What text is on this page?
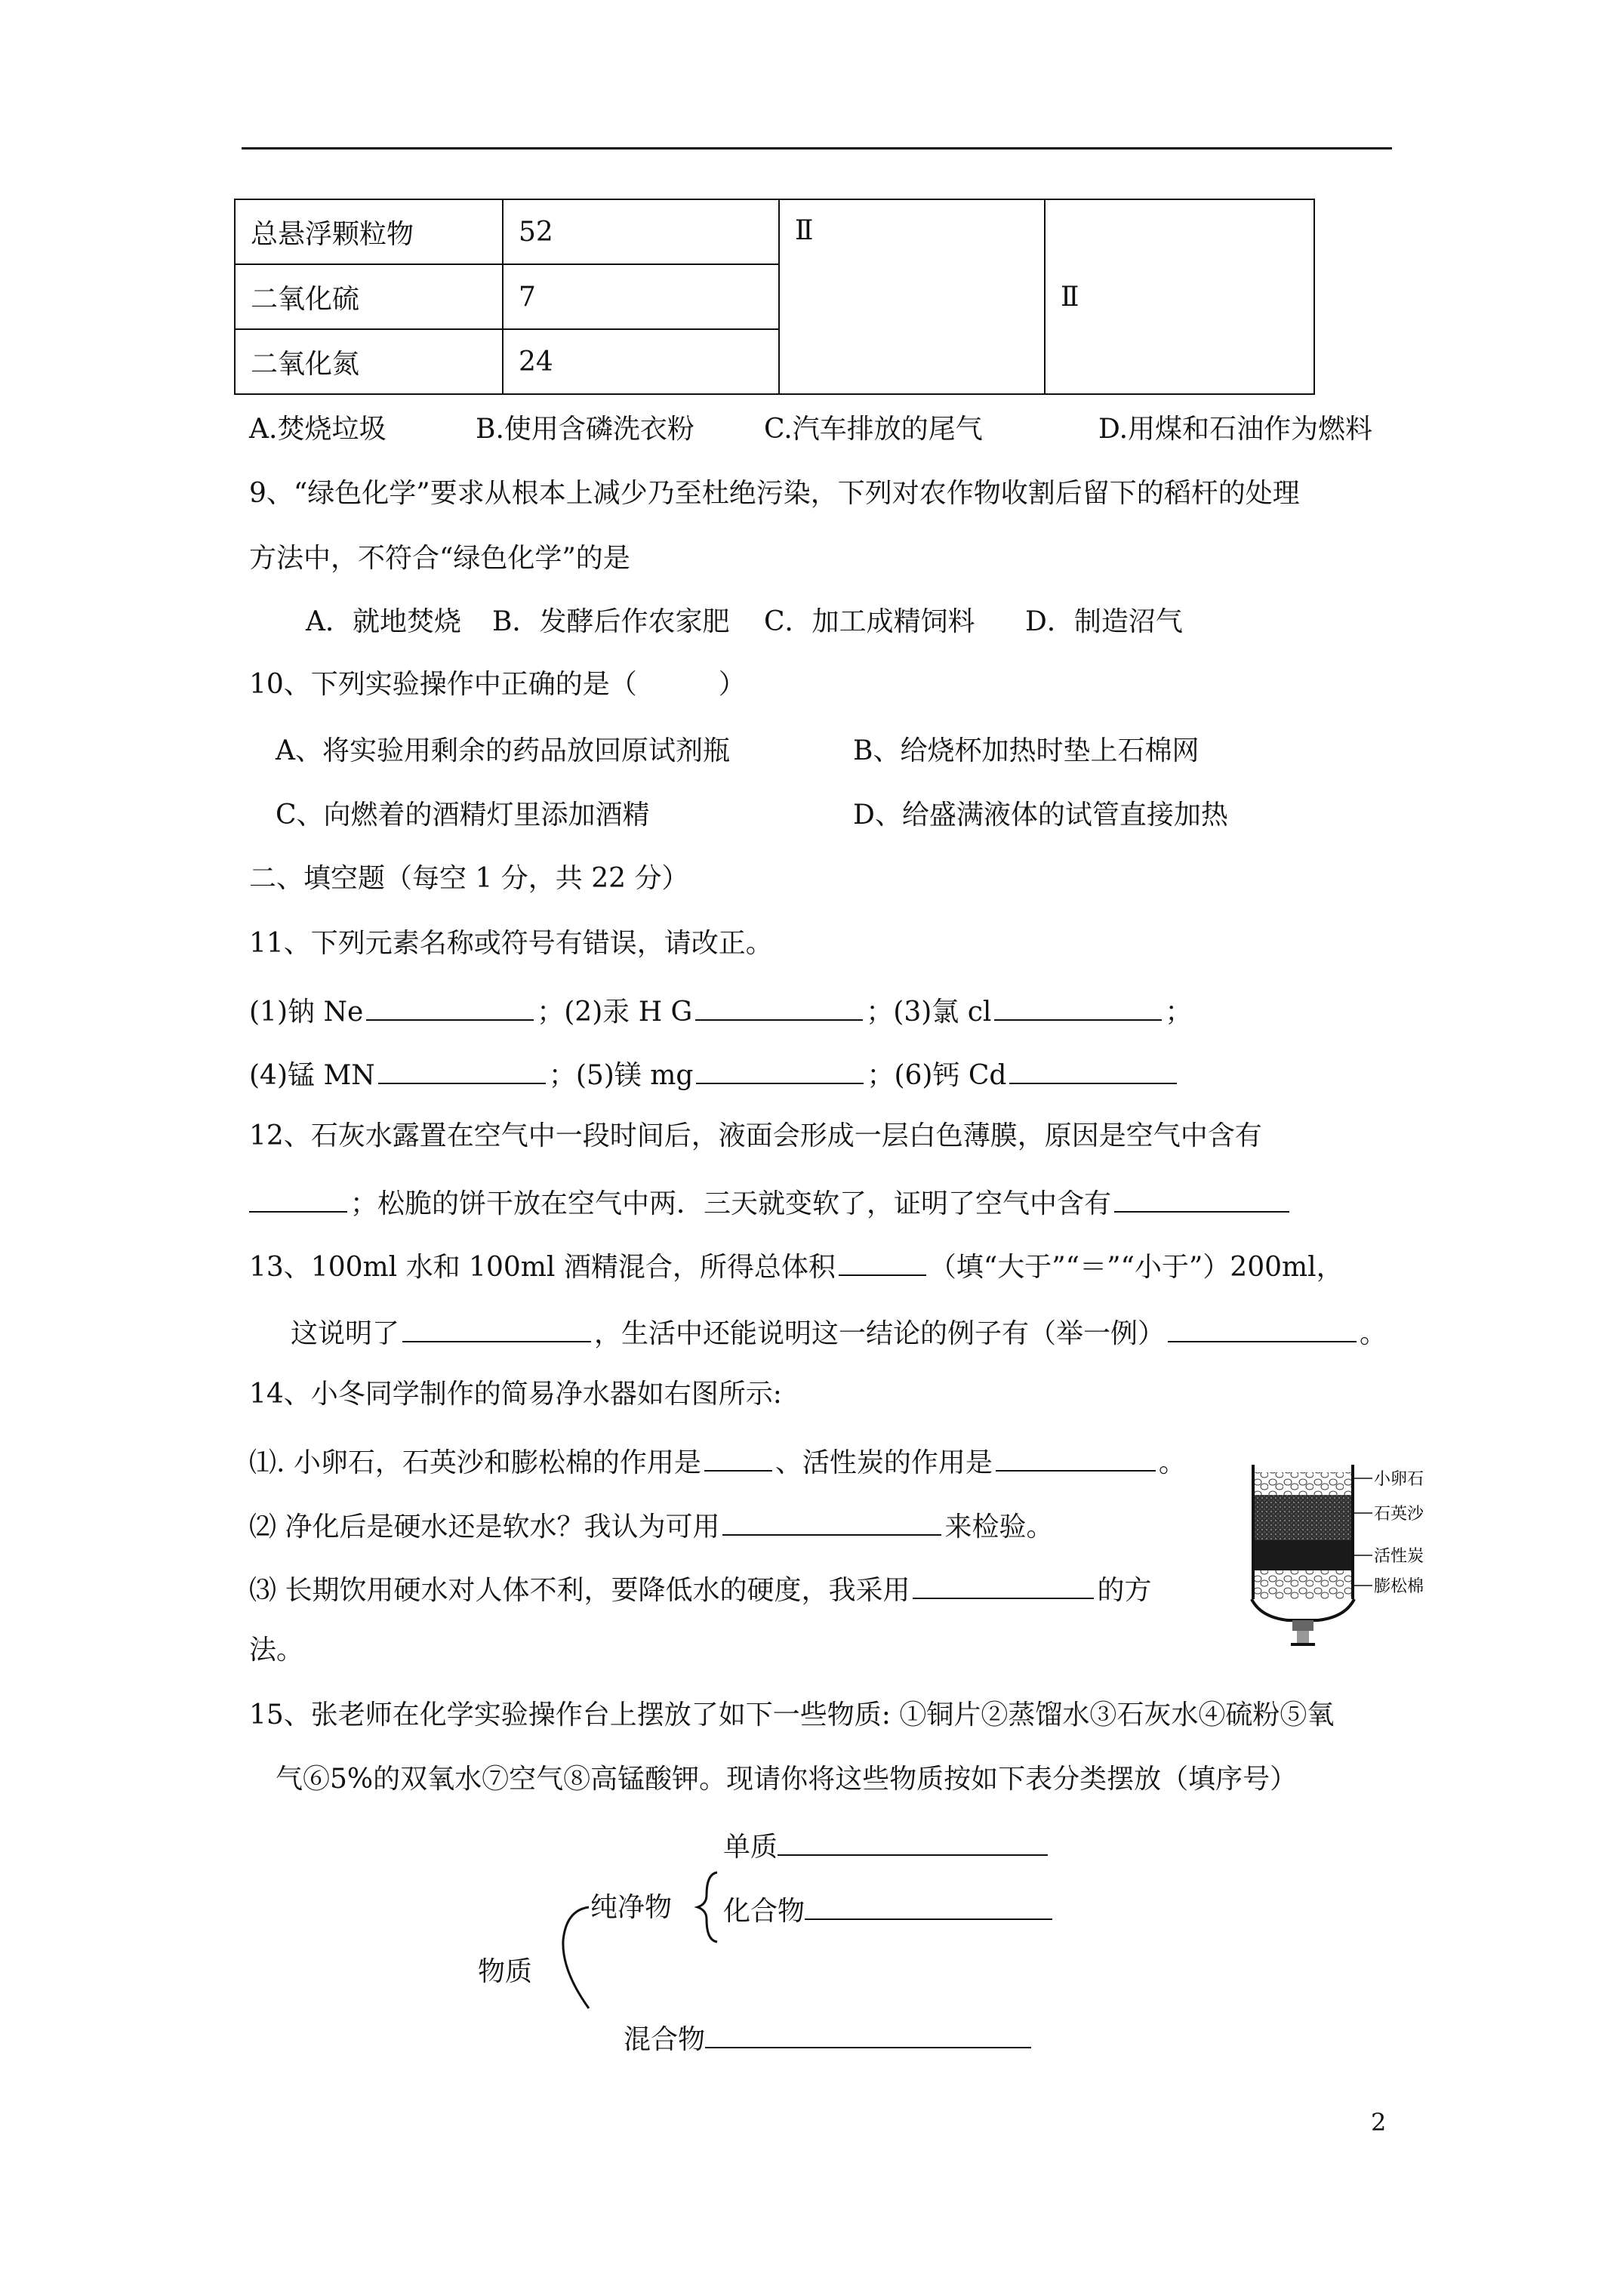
总悬浮颗粒物	52	Ⅱ	Ⅱ
二氧化硫	7		
二氧化氮	24		
A.焚烧垃圾	B.使用含磷洗衣粉	C.汽车排放的尾气	D.用煤和石油作为燃料
9、“绿色化学”要求从根本上减少乃至杜绝污染，下列对农作物收割后留下的稻杆的处理
方法中，不符合“绿色化学”的是
A．就地焚烧 B．发酵后作农家肥 C．加工成精饲料 D．制造沼气
10、下列实验操作中正确的是（　　　）
A、将实验用剩余的药品放回原试剂瓶	B、给烧杯加热时垫上石棉网
C、向燃着的酒精灯里添加酒精	D、给盛满液体的试管直接加热
二、填空题（每空 1 分，共 22 分）
11、下列元素名称或符号有错误，请改正。
(1)钠 Ne	；(2)汞 H G	；(3)氯 cl	；
(4)锰 MN	；(5)镁 mg	；(6)钙 Cd
12、石灰水露置在空气中一段时间后，液面会形成一层白色薄膜，原因是空气中含有
；松脆的饼干放在空气中两．三天就变软了，证明了空气中含有
13、100ml 水和 100ml 酒精混合，所得总体积	（填“大于”“＝”“小于”）200ml，
这说明了	，生活中还能说明这一结论的例子有（举一例）	。
14、小冬同学制作的简易净水器如右图所示:
⑴. 小卵石，石英沙和膨松棉的作用是	、活性炭的作用是	。
⑵ 净化后是硬水还是软水？我认为可用	来检验。
⑶ 长期饮用硬水对人体不利，要降低水的硬度，我采用	的方
法。
小卵石
石英沙
活性炭
膨松棉
15、张老师在化学实验操作台上摆放了如下一些物质: ①铜片②蒸馏水③石灰水④硫粉⑤氧
气⑥5%的双氧水⑦空气⑧高锰酸钾。现请你将这些物质按如下表分类摆放（填序号）
单质
纯净物 化合物
物质
混合物
2
